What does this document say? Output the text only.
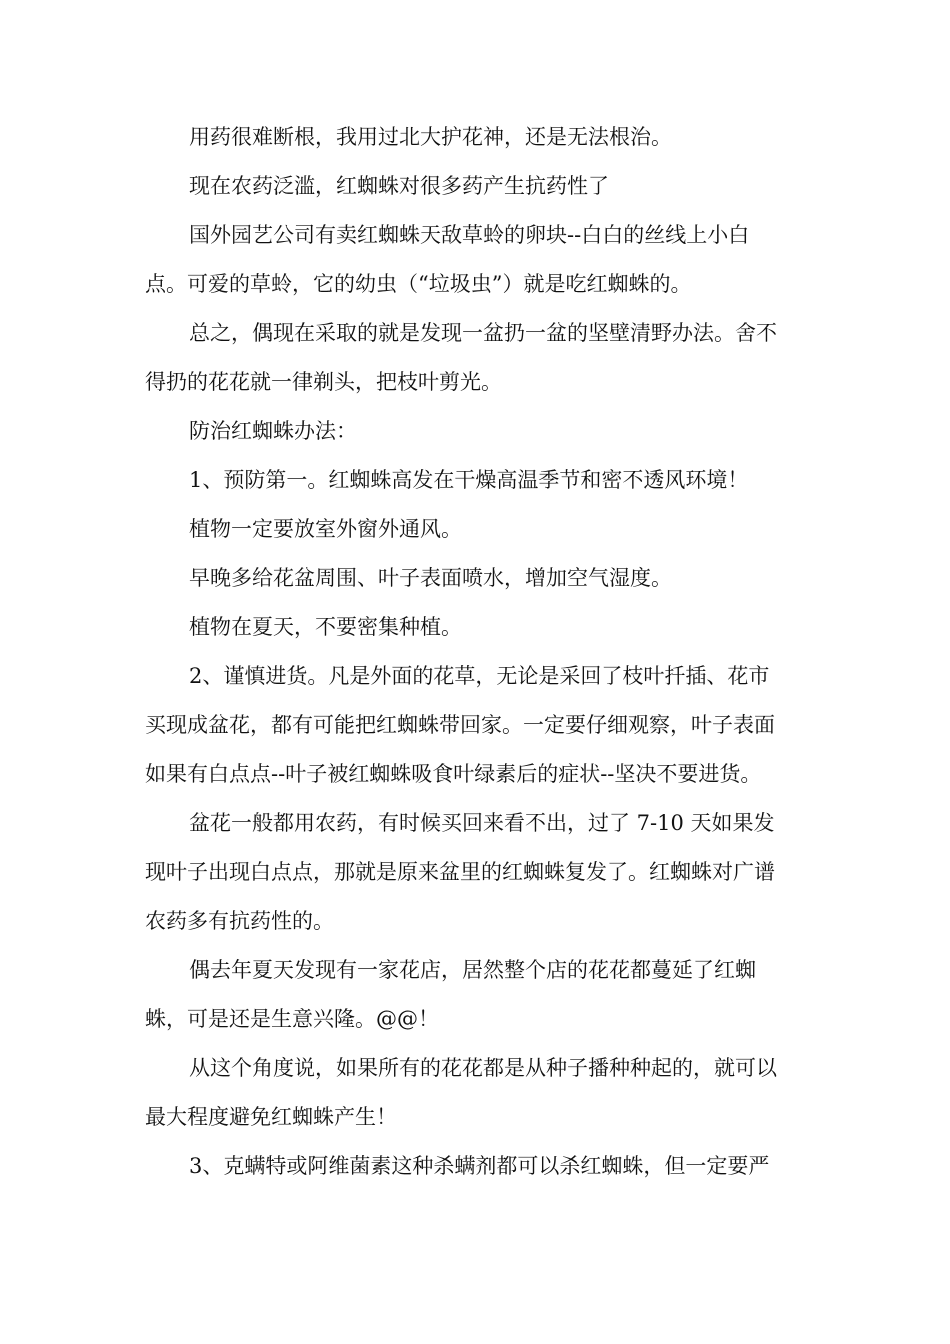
用药很难断根，我用过北大护花神，还是无法根治。

现在农药泛滥，红蜘蛛对很多药产生抗药性了

国外园艺公司有卖红蜘蛛天敌草蛉的卵块--白白的丝线上小白
点。可爱的草蛉，它的幼虫（“垃圾虫”）就是吃红蜘蛛的。

总之，偶现在采取的就是发现一盆扔一盆的坚壁清野办法。舍不
得扔的花花就一律剃头，把枝叶剪光。

防治红蜘蛛办法：

1、预防第一。红蜘蛛高发在干燥高温季节和密不透风环境！

植物一定要放室外窗外通风。

早晚多给花盆周围、叶子表面喷水，增加空气湿度。

植物在夏天，不要密集种植。

2、谨慎进货。凡是外面的花草，无论是采回了枝叶扦插、花市
买现成盆花，都有可能把红蜘蛛带回家。一定要仔细观察，叶子表面
如果有白点点--叶子被红蜘蛛吸食叶绿素后的症状--坚决不要进货。

盆花一般都用农药，有时候买回来看不出，过了 7-10 天如果发
现叶子出现白点点，那就是原来盆里的红蜘蛛复发了。红蜘蛛对广谱
农药多有抗药性的。

偶去年夏天发现有一家花店，居然整个店的花花都蔓延了红蜘
蛛，可是还是生意兴隆。@@！

从这个角度说，如果所有的花花都是从种子播种种起的，就可以
最大程度避免红蜘蛛产生！

3、克螨特或阿维菌素这种杀螨剂都可以杀红蜘蛛，但一定要严
